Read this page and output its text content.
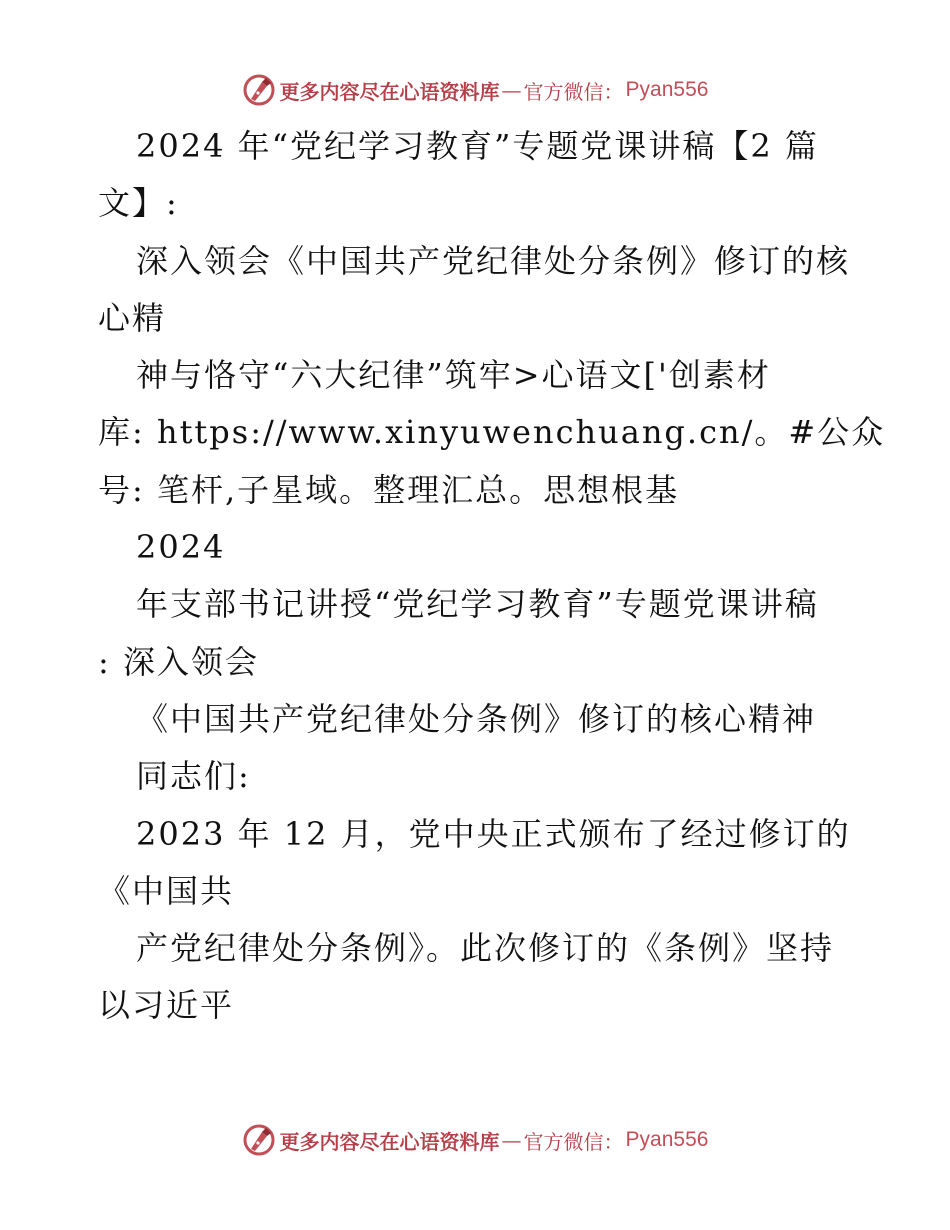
更多内容尽在心语资料库 — 官方微信： Pyan556
2024 年“党纪学习教育”专题党课讲稿【2 篇
文】:
深入领会《中国共产党纪律处分条例》修订的核
心精
神与恪守“六大纪律”筑牢>心语文['创素材
库: https://www.xinyuwenchuang.cn/。#公众
号: 笔杆,子星域。整理汇总。思想根基
2024
年支部书记讲授“党纪学习教育”专题党课讲稿
: 深入领会
《中国共产党纪律处分条例》修订的核心精神
同志们:
2023 年 12 月，党中央正式颁布了经过修订的
《中国共
产党纪律处分条例》。此次修订的《条例》坚持
以习近平
更多内容尽在心语资料库 — 官方微信： Pyan556
